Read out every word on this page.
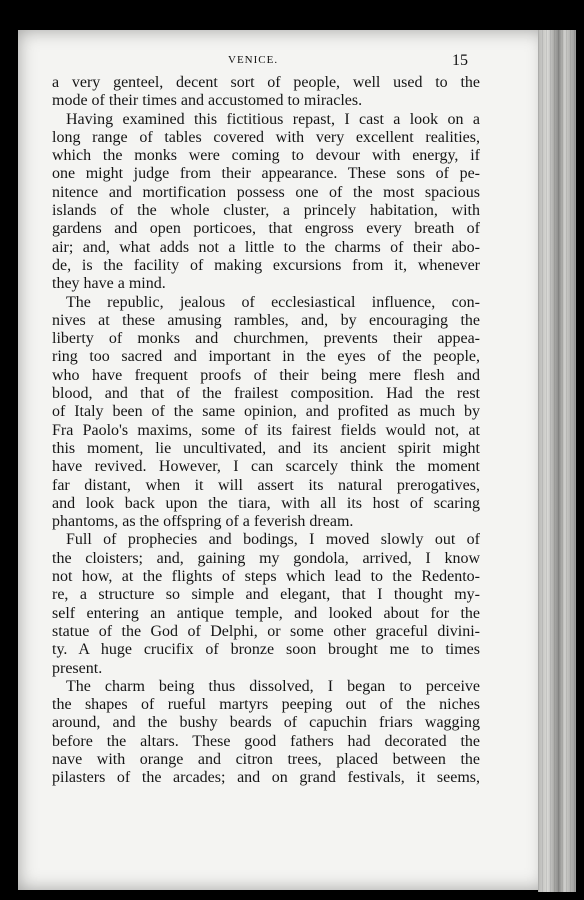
VENICE.	15

a very genteel, decent sort of people, well used to the
mode of their times and accustomed to miracles.

Having examined this fictitious repast, I cast a look on a
long range of tables covered with very excellent realities,
which the monks were coming to devour with energy, if
one might judge from their appearance. These sons of pe-
nitence and mortification possess one of the most spacious
islands of the whole cluster, a princely habitation, with
gardens and open porticoes, that engross every breath of
air; and, what adds not a little to the charms of their abo-
de, is the facility of making excursions from it, whenever
they have a mind.

The republic, jealous of ecclesiastical influence, con-
nives at these amusing rambles, and, by encouraging the
liberty of monks and churchmen, prevents their appea-
ring too sacred and important in the eyes of the people,
who have frequent proofs of their being mere flesh and
blood, and that of the frailest composition. Had the rest
of Italy been of the same opinion, and profited as much by
Fra Paolo's maxims, some of its fairest fields would not, at
this moment, lie uncultivated, and its ancient spirit might
have revived. However, I can scarcely think the moment
far distant, when it will assert its natural prerogatives,
and look back upon the tiara, with all its host of scaring
phantoms, as the offspring of a feverish dream.

Full of prophecies and bodings, I moved slowly out of
the cloisters; and, gaining my gondola, arrived, I know
not how, at the flights of steps which lead to the Redento-
re, a structure so simple and elegant, that I thought my-
self entering an antique temple, and looked about for the
statue of the God of Delphi, or some other graceful divini-
ty. A huge crucifix of bronze soon brought me to times
present.

The charm being thus dissolved, I began to perceive
the shapes of rueful martyrs peeping out of the niches
around, and the bushy beards of capuchin friars wagging
before the altars. These good fathers had decorated the
nave with orange and citron trees, placed between the
pilasters of the arcades; and on grand festivals, it seems,
